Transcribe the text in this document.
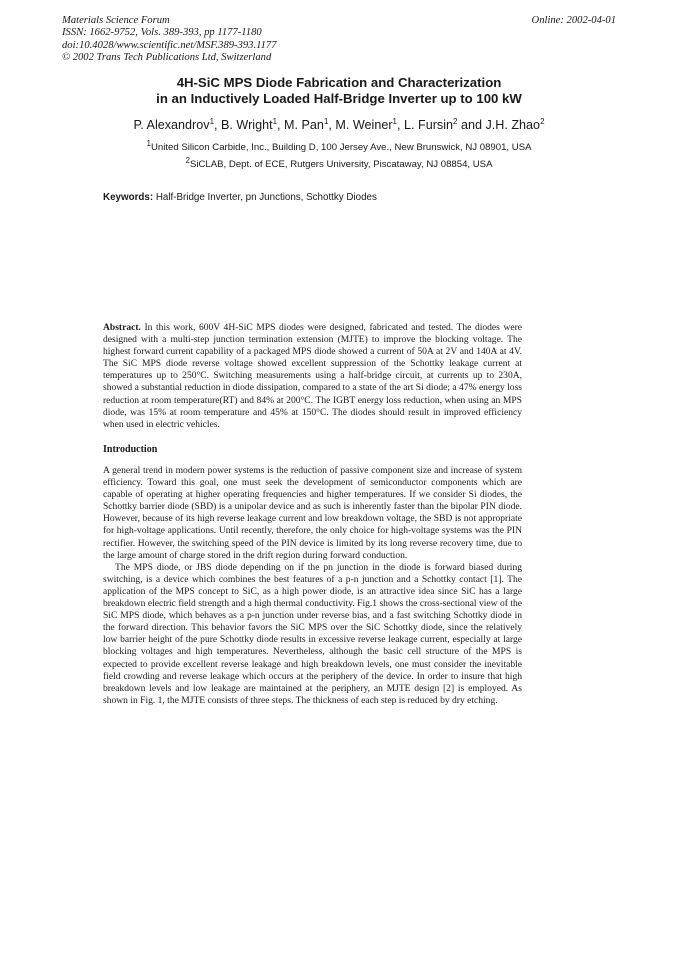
Materials Science Forum
ISSN: 1662-9752, Vols. 389-393, pp 1177-1180
doi:10.4028/www.scientific.net/MSF.389-393.1177
© 2002 Trans Tech Publications Ltd, Switzerland
Online: 2002-04-01
4H-SiC MPS Diode Fabrication and Characterization
in an Inductively Loaded Half-Bridge Inverter up to 100 kW
P. Alexandrov$^1$, B. Wright$^1$, M. Pan$^1$, M. Weiner$^1$, L. Fursin$^2$ and J.H. Zhao$^2$
$^1$United Silicon Carbide, Inc., Building D, 100 Jersey Ave., New Brunswick, NJ 08901, USA
$^2$SiCLAB, Dept. of ECE, Rutgers University, Piscataway, NJ 08854, USA
Keywords: Half-Bridge Inverter, pn Junctions, Schottky Diodes

Abstract. In this work, 600V 4H-SiC MPS diodes were designed, fabricated and tested. The diodes were designed with a multi-step junction termination extension (MJTE) to improve the blocking voltage. The highest forward current capability of a packaged MPS diode showed a current of 50A at 2V and 140A at 4V. The SiC MPS diode reverse voltage showed excellent suppression of the Schottky leakage current at temperatures up to 250°C. Switching measurements using a half-bridge circuit, at currents up to 230A, showed a substantial reduction in diode dissipation, compared to a state of the art Si diode; a 47% energy loss reduction at room temperature(RT) and 84% at 200°C. The IGBT energy loss reduction, when using an MPS diode, was 15% at room temperature and 45% at 150°C. The diodes should result in improved efficiency when used in electric vehicles.

Introduction

A general trend in modern power systems is the reduction of passive component size and increase of system efficiency. Toward this goal, one must seek the development of semiconductor components which are capable of operating at higher operating frequencies and higher temperatures. If we consider Si diodes, the Schottky barrier diode (SBD) is a unipolar device and as such is inherently faster than the bipolar PIN diode. However, because of its high reverse leakage current and low breakdown voltage, the SBD is not appropriate for high-voltage applications. Until recently, therefore, the only choice for high-voltage systems was the PIN rectifier. However, the switching speed of the PIN device is limited by its long reverse recovery time, due to the large amount of charge stored in the drift region during forward conduction.

The MPS diode, or JBS diode depending on if the pn junction in the diode is forward biased during switching, is a device which combines the best features of a p-n junction and a Schottky contact [1]. The application of the MPS concept to SiC, as a high power diode, is an attractive idea since SiC has a large breakdown electric field strength and a high thermal conductivity. Fig.1 shows the cross-sectional view of the SiC MPS diode, which behaves as a p-n junction under reverse bias, and a fast switching Schottky diode in the forward direction. This behavior favors the SiC MPS over the SiC Schottky diode, since the relatively low barrier height of the pure Schottky diode results in excessive reverse leakage current, especially at large blocking voltages and high temperatures. Nevertheless, although the basic cell structure of the MPS is expected to provide excellent reverse leakage and high breakdown levels, one must consider the inevitable field crowding and reverse leakage which occurs at the periphery of the device. In order to insure that high breakdown levels and low leakage are maintained at the periphery, an MJTE design [2] is employed. As shown in Fig. 1, the MJTE consists of three steps. The thickness of each step is reduced by dry etching.
